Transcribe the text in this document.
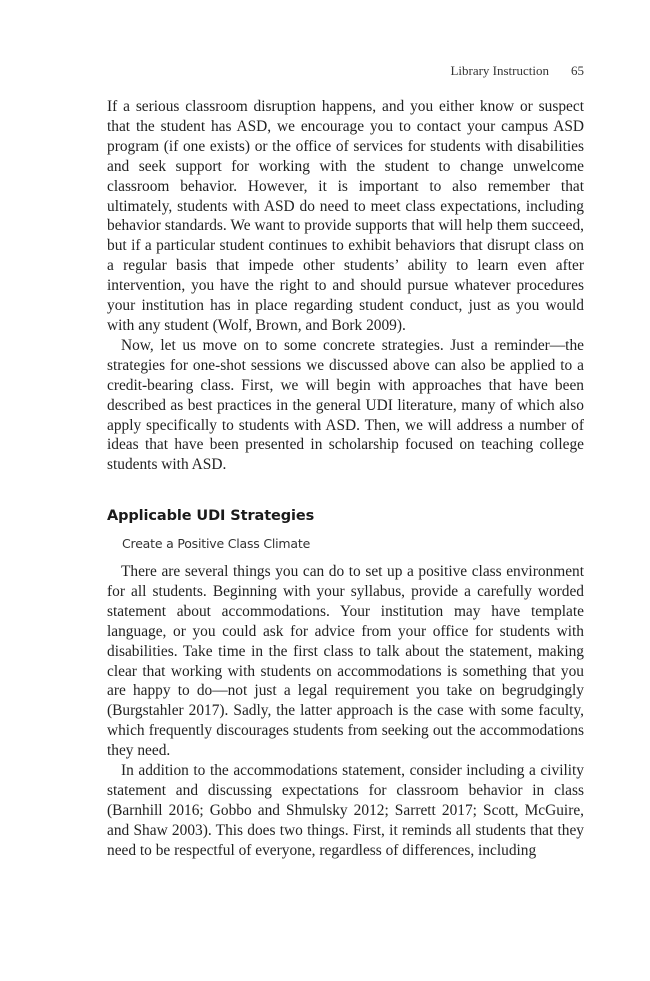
Library Instruction 65

If a serious classroom disruption happens, and you either know or suspect that the student has ASD, we encourage you to contact your campus ASD program (if one exists) or the office of services for students with disabilities and seek support for working with the student to change unwelcome classroom behavior. However, it is important to also remember that ultimately, students with ASD do need to meet class expectations, including behavior standards. We want to provide supports that will help them succeed, but if a particular student continues to exhibit behaviors that disrupt class on a regular basis that impede other students’ ability to learn even after intervention, you have the right to and should pursue whatever procedures your institution has in place regarding student conduct, just as you would with any student (Wolf, Brown, and Bork 2009).

Now, let us move on to some concrete strategies. Just a reminder—the strategies for one-shot sessions we discussed above can also be applied to a credit-bearing class. First, we will begin with approaches that have been described as best practices in the general UDI literature, many of which also apply specifically to students with ASD. Then, we will address a number of ideas that have been presented in scholarship focused on teaching college students with ASD.

Applicable UDI Strategies
Create a Positive Class Climate

There are several things you can do to set up a positive class environment for all students. Beginning with your syllabus, provide a carefully worded statement about accommodations. Your institution may have template language, or you could ask for advice from your office for students with disabilities. Take time in the first class to talk about the statement, making clear that working with students on accommodations is something that you are happy to do—not just a legal requirement you take on begrudgingly (Burgstahler 2017). Sadly, the latter approach is the case with some faculty, which frequently discourages students from seeking out the accommodations they need.

In addition to the accommodations statement, consider including a civility statement and discussing expectations for classroom behavior in class (Barnhill 2016; Gobbo and Shmulsky 2012; Sarrett 2017; Scott, McGuire, and Shaw 2003). This does two things. First, it reminds all students that they need to be respectful of everyone, regardless of differences, including
